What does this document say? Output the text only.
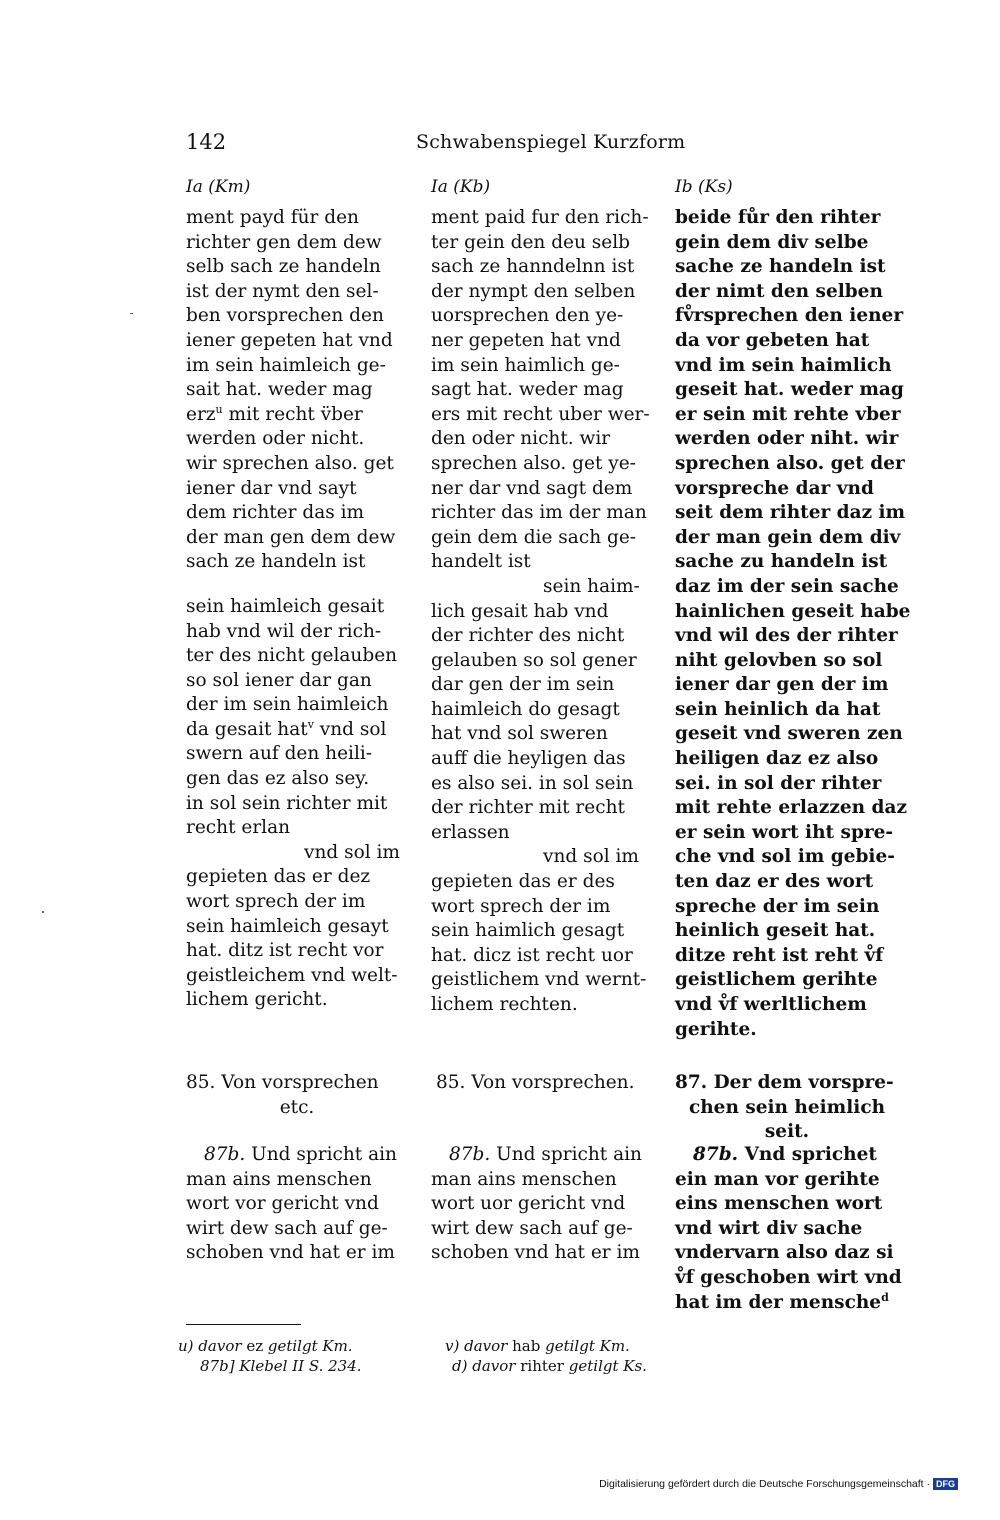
142	Schwabenspiegel Kurzform
Ia (Km)	Ia (Kb)	Ib (Ks)
ment payd für den
richter gen dem dew
selb sach ze handeln
ist der nymt den sel-
ben vorsprechen den
iener gepeten hat vnd
im sein haimleich ge-
sait hat. weder mag
erz$^u$ mit recht v̈ber
werden oder nicht.
wir sprechen also. get
iener dar vnd sayt
dem richter das im
der man gen dem dew
sach ze handeln ist
sein haimleich gesait
hab vnd wil der rich-
ter des nicht gelauben
so sol iener dar gan
der im sein haimleich
da gesait hat$^v$ vnd sol
swern auf den heili-
gen das ez also sey.
in sol sein richter mit
recht erlan
vnd sol im
gepieten das er dez
wort sprech der im
sein haimleich gesayt
hat. ditz ist recht vor
geistleichem vnd welt-
lichem gericht.
ment paid fur den rich-
ter gein den deu selb
sach ze hanndelnn ist
der nympt den selben
uorsprechen den ye-
ner gepeten hat vnd
im sein haimlich ge-
sagt hat. weder mag
ers mit recht uber wer-
den oder nicht. wir
sprechen also. get ye-
ner dar vnd sagt dem
richter das im der man
gein dem die sach ge-
handelt ist
sein haim-
lich gesait hab vnd
der richter des nicht
gelauben so sol gener
dar gen der im sein
haimleich do gesagt
hat vnd sol sweren
auff die heyligen das
es also sei. in sol sein
der richter mit recht
erlassen
vnd sol im
gepieten das er des
wort sprech der im
sein haimlich gesagt
hat. dicz ist recht uor
geistlichem vnd wernt-
lichem rechten.
beide fůr den rihter
gein dem div selbe
sache ze handeln ist
der nimt den selben
fv̊rsprechen den iener
da vor gebeten hat
vnd im sein haimlich
geseit hat. weder mag
er sein mit rehte vber
werden oder niht. wir
sprechen also. get der
vorspreche dar vnd
seit dem rihter daz im
der man gein dem div
sache zu handeln ist
daz im der sein sache
hainlichen geseit habe
vnd wil des der rihter
niht gelovben so sol
iener dar gen der im
sein heinlich da hat
geseit vnd sweren zen
heiligen daz ez also
sei. in sol der rihter
mit rehte erlazzen daz
er sein wort iht spre-
che vnd sol im gebie-
ten daz er des wort
spreche der im sein
heinlich geseit hat.
ditze reht ist reht v̊f
geistlichem gerihte
vnd v̊f werltlichem
gerihte.
85. Von vorsprechen
etc.
85. Von vorsprechen.	87. Der dem vorspre-
chen sein heimlich
seit.
87b. Und spricht ain
man ains menschen
wort vor gericht vnd
wirt dew sach auf ge-
schoben vnd hat er im
87b. Und spricht ain
man ains menschen
wort uor gericht vnd
wirt dew sach auf ge-
schoben vnd hat er im
87b. Vnd sprichet
ein man vor gerihte
eins menschen wort
vnd wirt div sache
vndervarn also daz si
v̊f geschoben wirt vnd
hat im der mensche$^d$
u) davor ez getilgt Km.
87b] Klebel II S. 234.
v) davor hab getilgt Km.
d) davor rihter getilgt Ks.
Digitalisierung gefördert durch die Deutsche Forschungsgemeinschaft · DFG
